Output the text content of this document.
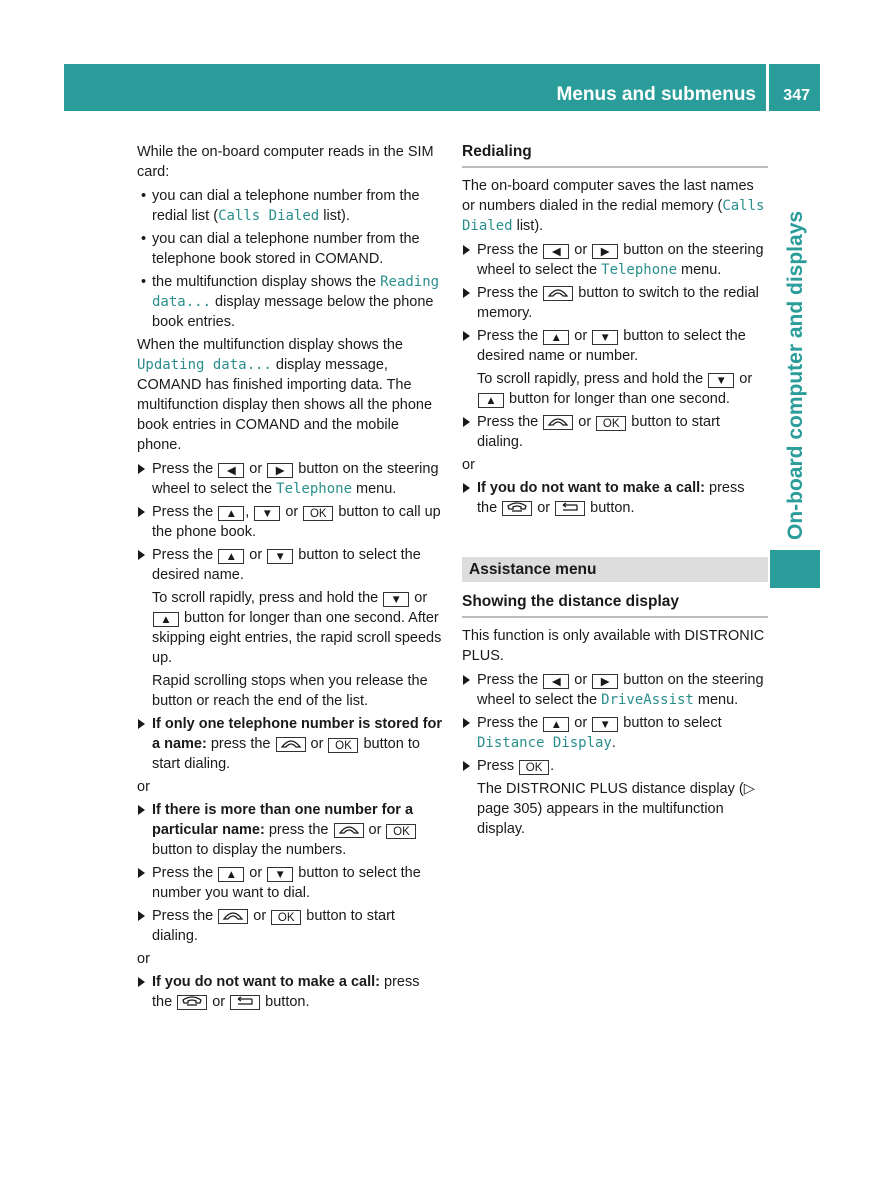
Menus and submenus 347
On-board computer and displays

While the on-board computer reads in the SIM card:

• you can dial a telephone number from the redial list (Calls Dialed list).
• you can dial a telephone number from the telephone book stored in COMAND.
• the multifunction display shows the Reading data... display message below the phone book entries.

When the multifunction display shows the Updating data... display message, COMAND has finished importing data. The multifunction display then shows all the phone book entries in COMAND and the mobile phone.

Press the ◀ or ▶ button on the steering wheel to select the Telephone menu.
Press the ▲ , ▼ or OK button to call up the phone book.
Press the ▲ or ▼ button to select the desired name.
To scroll rapidly, press and hold the ▼ or ▲ button for longer than one second. After skipping eight entries, the rapid scroll speeds up.
Rapid scrolling stops when you release the button or reach the end of the list.
If only one telephone number is stored for a name: press the  or OK button to start dialing.

or

If there is more than one number for a particular name: press the  or OK button to display the numbers.
Press the ▲ or ▼ button to select the number you want to dial.
Press the  or OK button to start dialing.

or

If you do not want to make a call: press the  or  button.
Redialing

The on-board computer saves the last names or numbers dialed in the redial memory (Calls Dialed list).

Press the ◀ or ▶ button on the steering wheel to select the Telephone menu.
Press the  button to switch to the redial memory.
Press the ▲ or ▼ button to select the desired name or number.
To scroll rapidly, press and hold the ▼ or ▲ button for longer than one second.
Press the  or OK button to start dialing.

or

If you do not want to make a call: press the  or  button.
Assistance menu
Showing the distance display

This function is only available with DISTRONIC PLUS.

Press the ◀ or ▶ button on the steering wheel to select the DriveAssist menu.
Press the ▲ or ▼ button to select Distance Display.
Press OK .
The DISTRONIC PLUS distance display (▷ page 305) appears in the multifunction display.
